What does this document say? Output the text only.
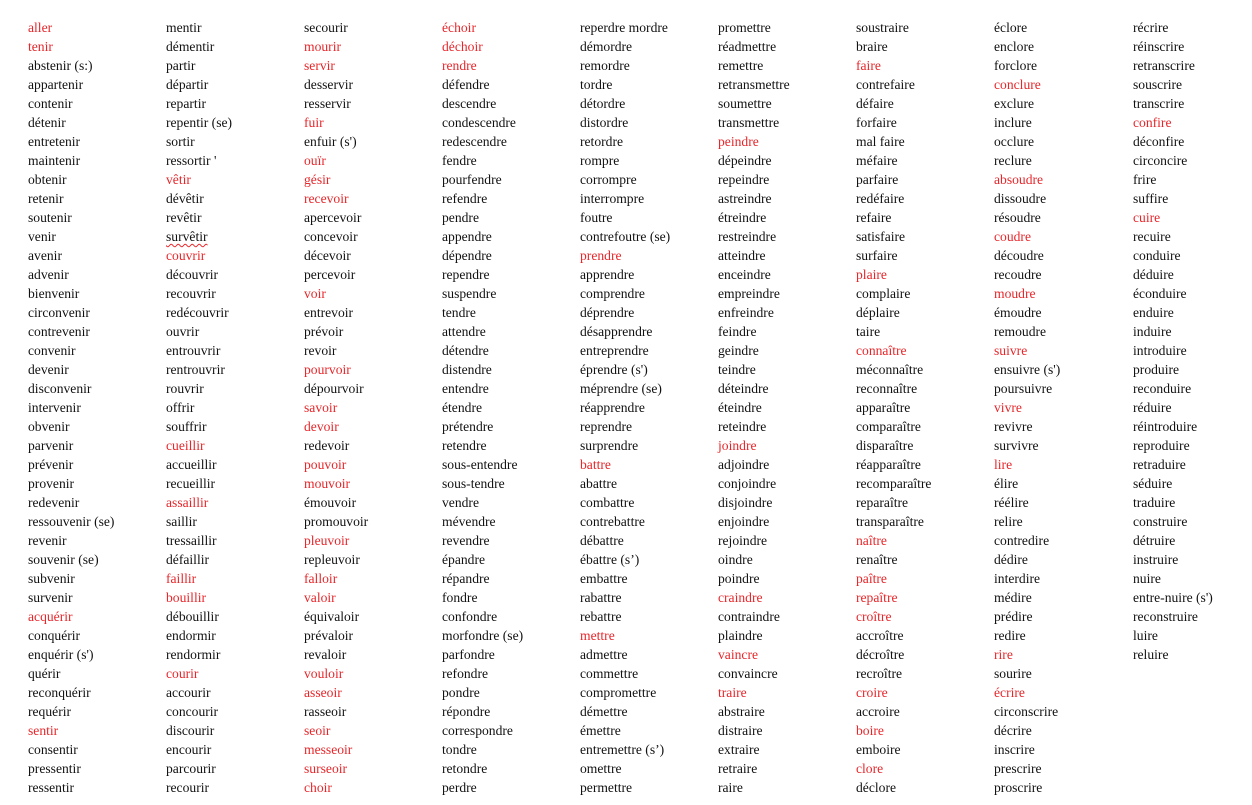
aller
tenir
abstenir (s:)
appartenir
contenir
détenir
entretenir
maintenir
obtenir
retenir
soutenir
venir
avenir
advenir
bienvenir
circonvenir
contrevenir
convenir
devenir
disconvenir
intervenir
obvenir
parvenir
prévenir
provenir
redevenir
ressouvenir (se)
revenir
souvenir (se)
subvenir
survenir
acquérir
conquérir
enquérir (s')
quérir
reconquérir
requérir
sentir
consentir
pressentir
ressentir
mentir
démentir
partir
départir
repartir
repentir (se)
sortir
ressortir '
vêtir
dévêtir
revêtir
survêtir
couvrir
découvrir
recouvrir
redécouvrir
ouvrir
entrouvrir
rentrouvrir
rouvrir
offrir
souffrir
cueillir
accueillir
recueillir
assaillir
saillir
tressaillir
défaillir
faillir
bouillir
débouillir
endormir
rendormir
courir
accourir
concourir
discourir
encourir
parcourir
recourir
secourir
mourir
servir
desservir
resservir
fuir
enfuir (s')
ouïr
gésir
recevoir
apercevoir
concevoir
décevoir
percevoir
voir
entrevoir
prévoir
revoir
pourvoir
dépourvoir
savoir
devoir
redevoir
pouvoir
mouvoir
émouvoir
promouvoir
pleuvoir
repleuvoir
falloir
valoir
équivaloir
prévaloir
revaloir
vouloir
asseoir
rasseoir
seoir
messeoir
surseoir
choir
échoir
déchoir
rendre
défendre
descendre
condescendre
redescendre
fendre
pourfendre
refendre
pendre
appendre
dépendre
rependre
suspendre
tendre
attendre
détendre
distendre
entendre
étendre
prétendre
retendre
sous-entendre
sous-tendre
vendre
mévendre
revendre
épandre
répandre
fondre
confondre
morfondre (se)
parfondre
refondre
pondre
répondre
correspondre
tondre
retondre
perdre
reperdre mordre
démordre
remordre
tordre
détordre
distordre
retordre
rompre
corrompre
interrompre
foutre
contrefoutre (se)
prendre
apprendre
comprendre
déprendre
désapprendre
entreprendre
éprendre (s')
méprendre (se)
réapprendre
reprendre
surprendre
battre
abattre
combattre
contrebattre
débattre
ébattre (s’)
embattre
rabattre
rebattre
mettre
admettre
commettre
compromettre
démettre
émettre
entremettre (s’)
omettre
permettre
promettre
réadmettre
remettre
retransmettre
soumettre
transmettre
peindre
dépeindre
repeindre
astreindre
étreindre
restreindre
atteindre
enceindre
empreindre
enfreindre
feindre
geindre
teindre
déteindre
éteindre
reteindre
joindre
adjoindre
conjoindre
disjoindre
enjoindre
rejoindre
oindre
poindre
craindre
contraindre
plaindre
vaincre
convaincre
traire
abstraire
distraire
extraire
retraire
raire
soustraire
braire
faire
contrefaire
défaire
forfaire
mal faire
méfaire
parfaire
redéfaire
refaire
satisfaire
surfaire
plaire
complaire
déplaire
taire
connaître
méconnaître
reconnaître
apparaître
comparaître
disparaître
réapparaître
recomparaître
reparaître
transparaître
naître
renaître
paître
repaître
croître
accroître
décroître
recroître
croire
accroire
boire
emboire
clore
déclore
éclore
enclore
forclore
conclure
exclure
inclure
occlure
reclure
absoudre
dissoudre
résoudre
coudre
découdre
recoudre
moudre
émoudre
remoudre
suivre
ensuivre (s')
poursuivre
vivre
revivre
survivre
lire
élire
réélire
relire
contredire
dédire
interdire
médire
prédire
redire
rire
sourire
écrire
circonscrire
décrire
inscrire
prescrire
proscrire
récrire
réinscrire
retranscrire
souscrire
transcrire
confire
déconfire
circoncire
frire
suffire
cuire
recuire
conduire
déduire
éconduire
enduire
induire
introduire
produire
reconduire
réduire
réintroduire
reproduire
retraduire
séduire
traduire
construire
détruire
instruire
nuire
entre-nuire (s')
reconstruire
luire
reluire
